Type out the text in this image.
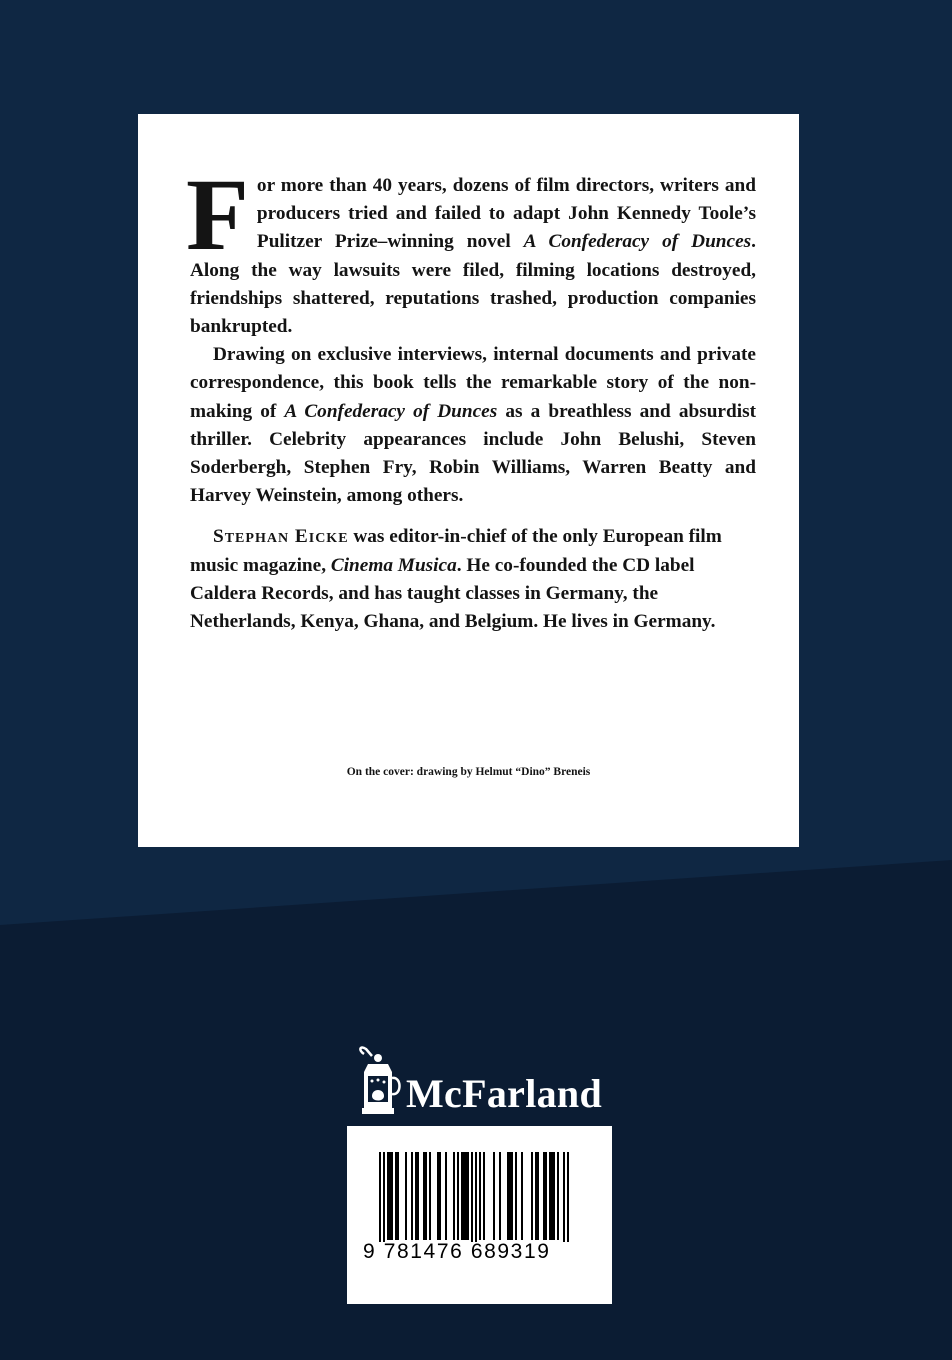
For more than 40 years, dozens of film directors, writers and producers tried and failed to adapt John Kennedy Toole’s Pulitzer Prize–winning novel A Confederacy of Dunces. Along the way lawsuits were filed, filming locations destroyed, friendships shattered, reputations trashed, production companies bankrupted.

Drawing on exclusive interviews, internal documents and private correspondence, this book tells the remarkable story of the non-making of A Confederacy of Dunces as a breathless and absurdist thriller. Celebrity appearances include John Belushi, Steven Soderbergh, Stephen Fry, Robin Williams, Warren Beatty and Harvey Weinstein, among others.

Stephan Eicke was editor-in-chief of the only European film music magazine, Cinema Musica. He co-founded the CD label Caldera Records, and has taught classes in Germany, the Netherlands, Kenya, Ghana, and Belgium. He lives in Germany.

On the cover: drawing by Helmut “Dino” Breneis
McFarland
9 781476 689319
